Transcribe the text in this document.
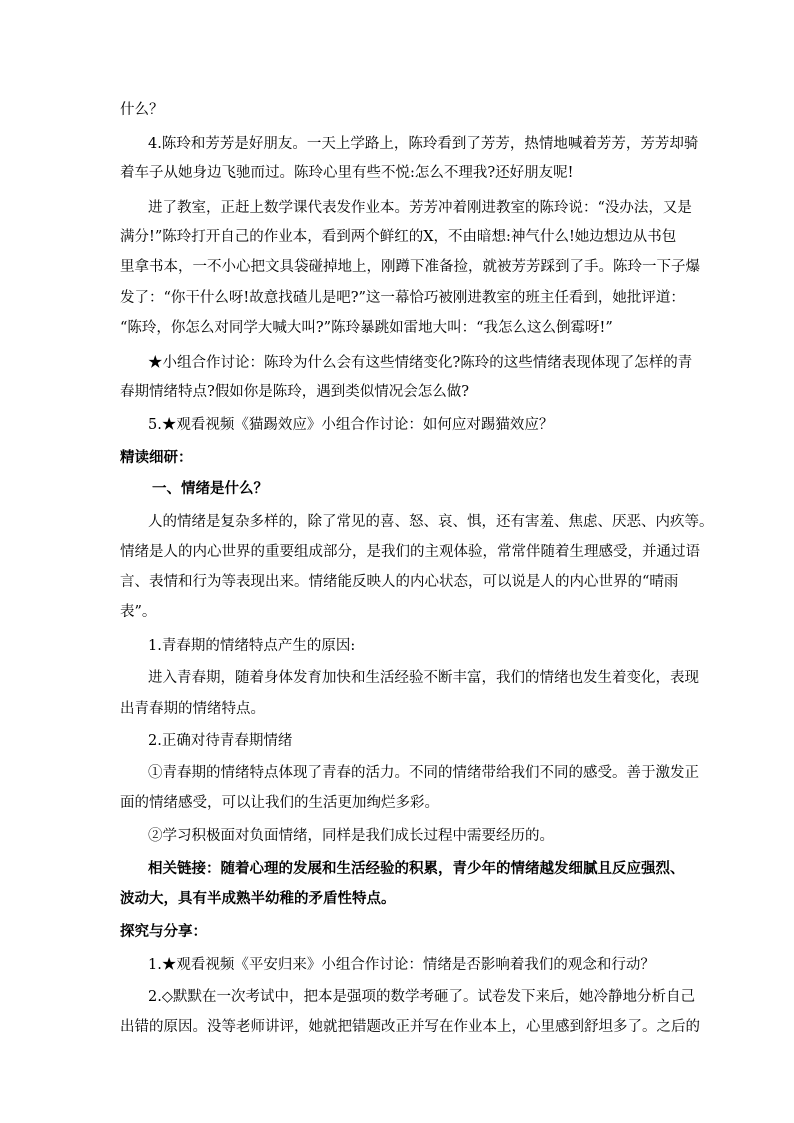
什么？
4.陈玲和芳芳是好朋友。一天上学路上，陈玲看到了芳芳，热情地喊着芳芳，芳芳却骑
着车子从她身边飞驰而过。陈玲心里有些不悦:怎么不理我?还好朋友呢!
进了教室，正赶上数学课代表发作业本。芳芳冲着刚进教室的陈玲说：“没办法，又是
满分!”陈玲打开自己的作业本，看到两个鲜红的X，不由暗想:神气什么!她边想边从书包
里拿书本，一不小心把文具袋碰掉地上，刚蹲下准备捡，就被芳芳踩到了手。陈玲一下子爆
发了：“你干什么呀!故意找碴儿是吧?”这一幕恰巧被刚进教室的班主任看到，她批评道：
“陈玲，你怎么对同学大喊大叫?”陈玲暴跳如雷地大叫：“我怎么这么倒霉呀!”
★小组合作讨论：陈玲为什么会有这些情绪变化?陈玲的这些情绪表现体现了怎样的青
春期情绪特点?假如你是陈玲，遇到类似情况会怎么做?
5.★观看视频《猫踢效应》小组合作讨论：如何应对踢猫效应？
精读细研：
一、情绪是什么？
人的情绪是复杂多样的，除了常见的喜、怒、哀、惧，还有害羞、焦虑、厌恶、内疚等。
情绪是人的内心世界的重要组成部分，是我们的主观体验，常常伴随着生理感受，并通过语
言、表情和行为等表现出来。情绪能反映人的内心状态，可以说是人的内心世界的“晴雨
表”。
1.青春期的情绪特点产生的原因:
进入青春期，随着身体发育加快和生活经验不断丰富，我们的情绪也发生着变化，表现
出青春期的情绪特点。
2.正确对待青春期情绪
①青春期的情绪特点体现了青春的活力。不同的情绪带给我们不同的感受。善于激发正
面的情绪感受，可以让我们的生活更加绚烂多彩。
②学习积极面对负面情绪，同样是我们成长过程中需要经历的。
相关链接：随着心理的发展和生活经验的积累，青少年的情绪越发细腻且反应强烈、
波动大，具有半成熟半幼稚的矛盾性特点。
探究与分享：
1.★观看视频《平安归来》小组合作讨论：情绪是否影响着我们的观念和行动？
2.◇默默在一次考试中，把本是强项的数学考砸了。试卷发下来后，她冷静地分析自己
出错的原因。没等老师讲评，她就把错题改正并写在作业本上，心里感到舒坦多了。之后的
